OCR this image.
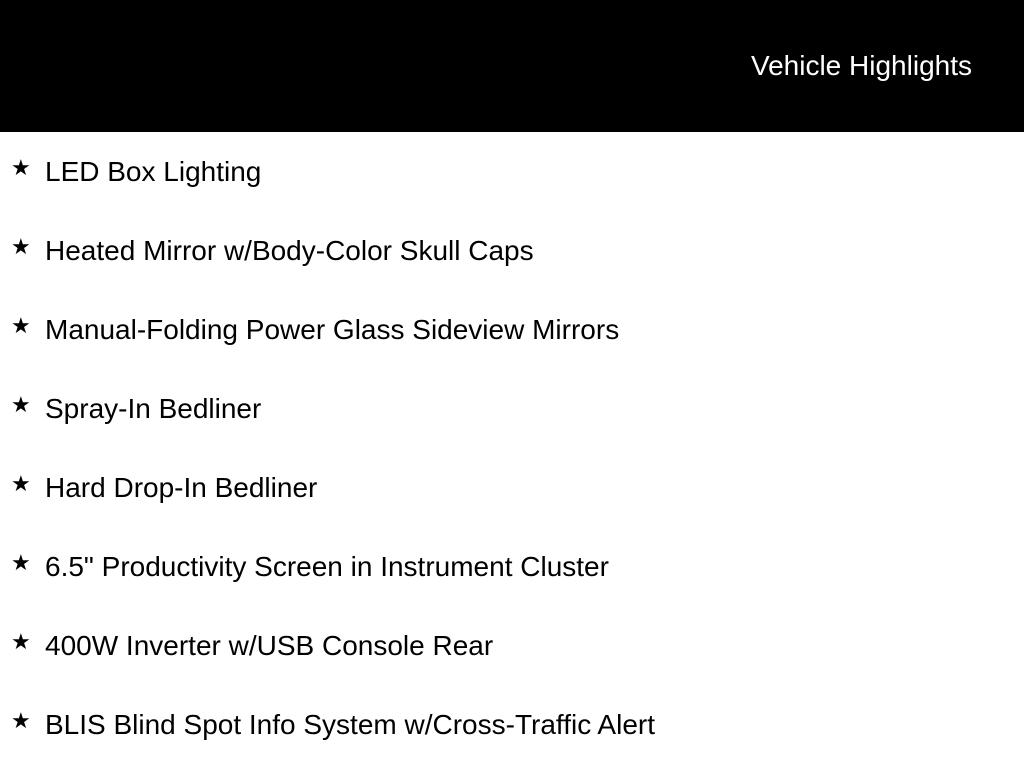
Vehicle Highlights
★ LED Box Lighting
★ Heated Mirror w/Body-Color Skull Caps
★ Manual-Folding Power Glass Sideview Mirrors
★ Spray-In Bedliner
★ Hard Drop-In Bedliner
★ 6.5" Productivity Screen in Instrument Cluster
★ 400W Inverter w/USB Console Rear
★ BLIS Blind Spot Info System w/Cross-Traffic Alert
